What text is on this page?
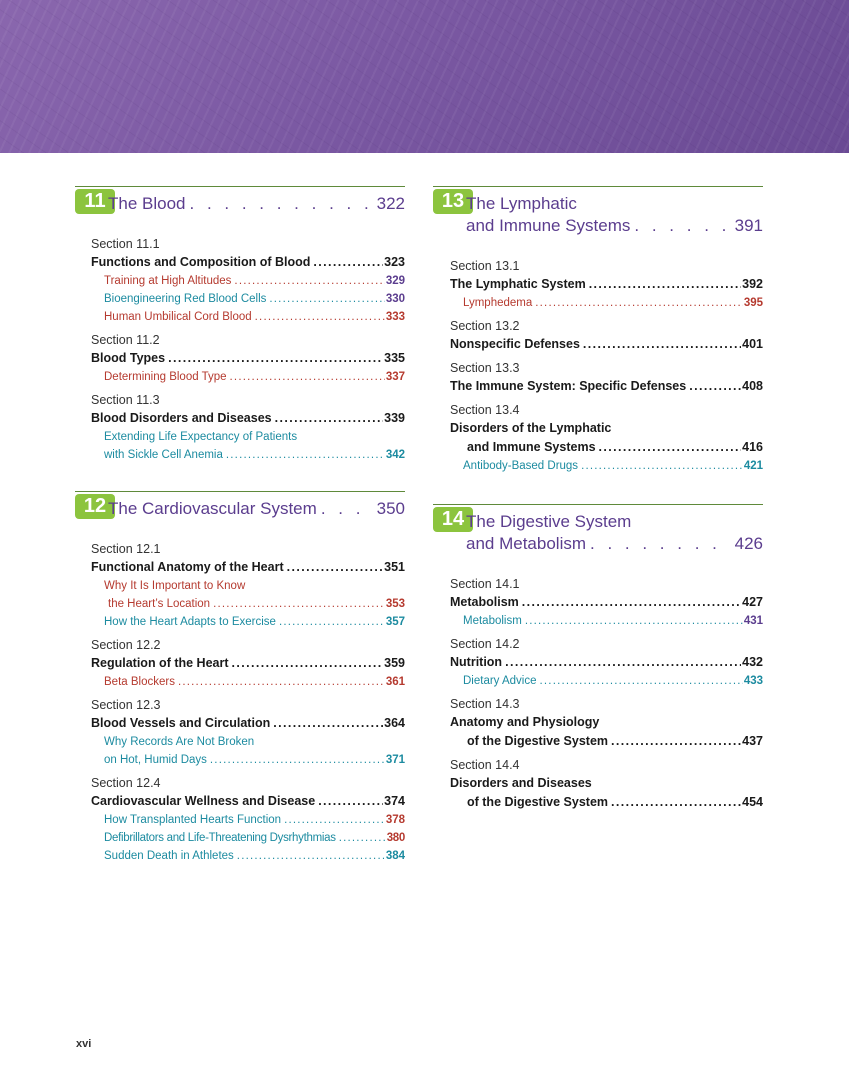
11 The Blood . . .	322
Section 11.1
Functions and Composition of Blood .....	323
Training at High Altitudes .....	329
Bioengineering Red Blood Cells .....	330
Human Umbilical Cord Blood .....	333
Section 11.2
Blood Types .....	335
Determining Blood Type .....	337
Section 11.3
Blood Disorders and Diseases .....	339
Extending Life Expectancy of Patients
with Sickle Cell Anemia .....	342
12 The Cardiovascular System . . .	350
Section 12.1
Functional Anatomy of the Heart .....	351
Why It Is Important to Know
the Heart’s Location .....	353
How the Heart Adapts to Exercise .....	357
Section 12.2
Regulation of the Heart .....	359
Beta Blockers .....	361
Section 12.3
Blood Vessels and Circulation .....	364
Why Records Are Not Broken
on Hot, Humid Days .....	371
Section 12.4
Cardiovascular Wellness and Disease .....	374
How Transplanted Hearts Function .....	378
Defibrillators and Life-Threatening Dysrhythmias .....	380
Sudden Death in Athletes .....	384
13 The Lymphatic
and Immune Systems . . .	391
Section 13.1
The Lymphatic System .....	392
Lymphedema .....	395
Section 13.2
Nonspecific Defenses .....	401
Section 13.3
The Immune System: Specific Defenses .....	408
Section 13.4
Disorders of the Lymphatic
and Immune Systems .....	416
Antibody-Based Drugs .....	421
14 The Digestive System
and Metabolism . . .	426
Section 14.1
Metabolism .....	427
Metabolism .....	431
Section 14.2
Nutrition .....	432
Dietary Advice .....	433
Section 14.3
Anatomy and Physiology
of the Digestive System .....	437
Section 14.4
Disorders and Diseases
of the Digestive System .....	454
xvi
